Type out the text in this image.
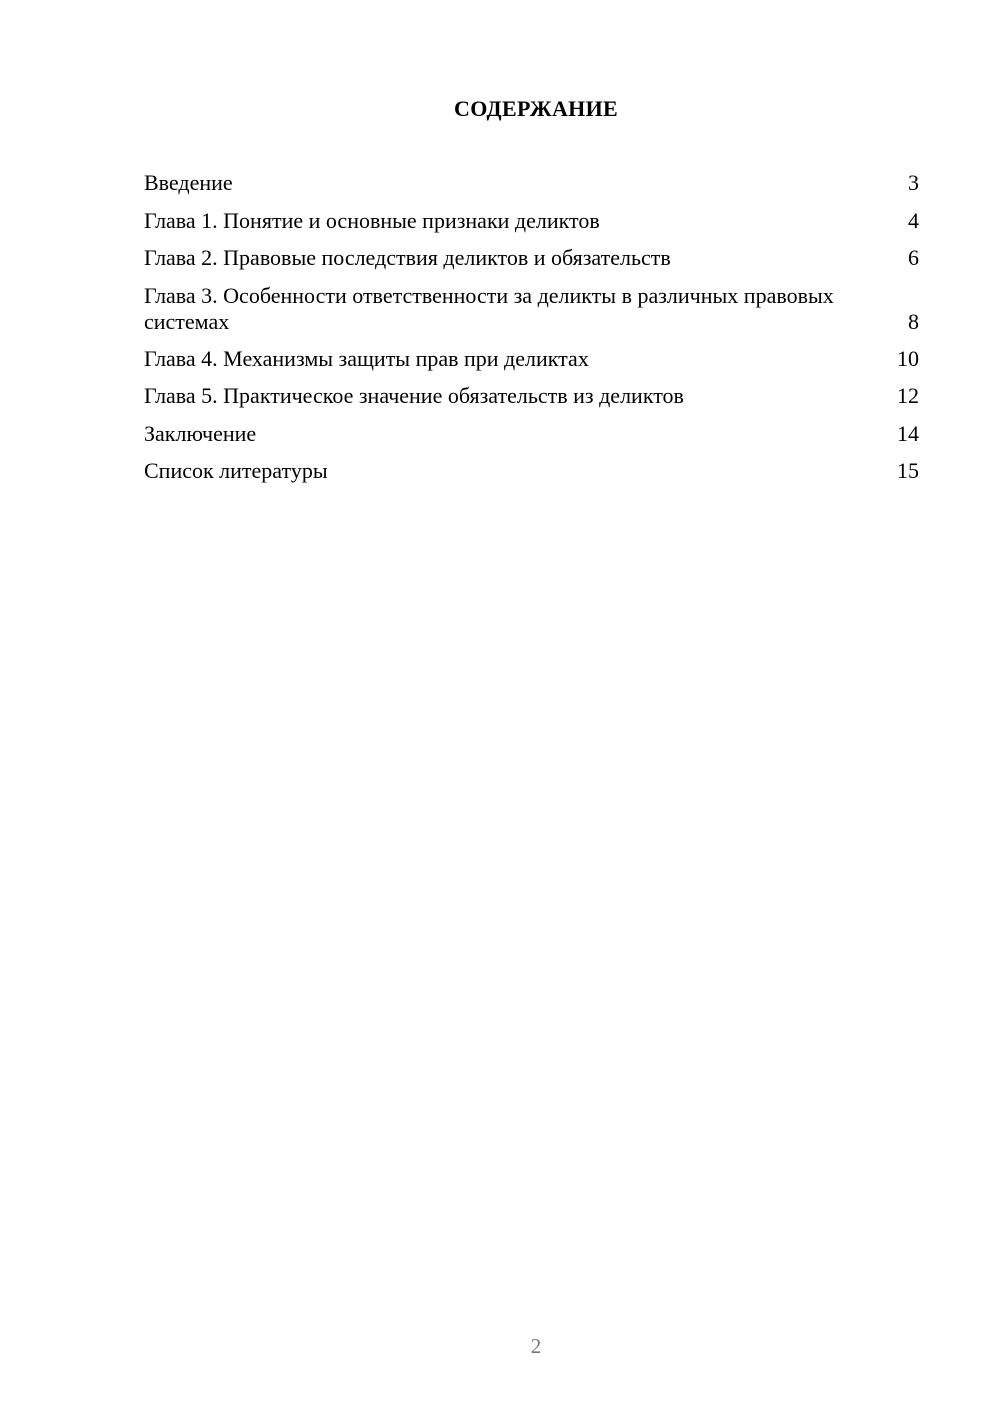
СОДЕРЖАНИЕ
Введение	3
Глава 1. Понятие и основные признаки деликтов	4
Глава 2. Правовые последствия деликтов и обязательств	6
Глава 3. Особенности ответственности за деликты в различных правовых системах	8
Глава 4. Механизмы защиты прав при деликтах	10
Глава 5. Практическое значение обязательств из деликтов	12
Заключение	14
Список литературы	15
2
